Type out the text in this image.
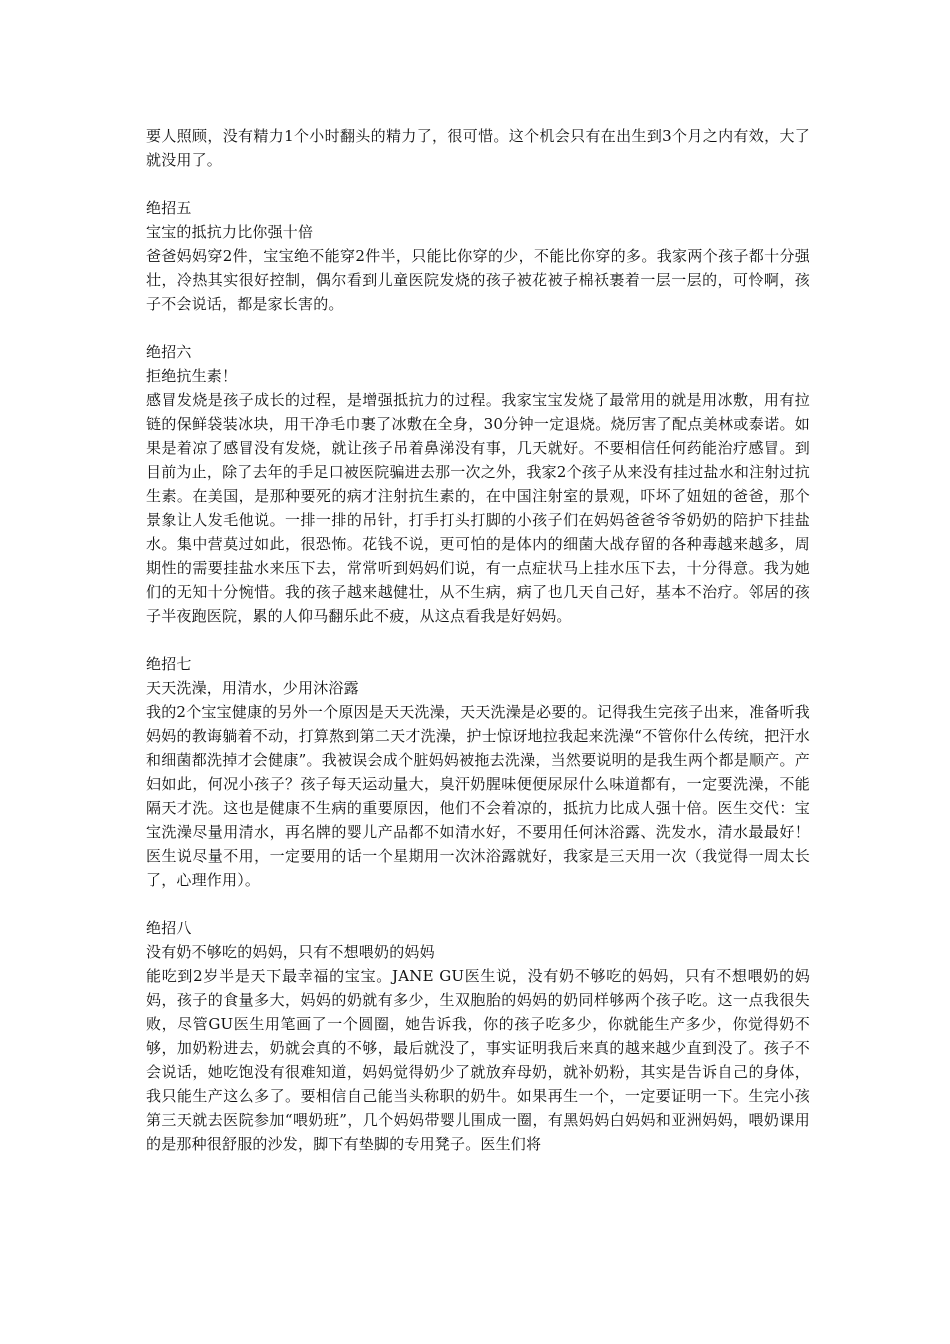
要人照顾，没有精力1个小时翻头的精力了，很可惜。这个机会只有在出生到3个月之内有效，大了就没用了。

绝招五

宝宝的抵抗力比你强十倍

爸爸妈妈穿2件，宝宝绝不能穿2件半，只能比你穿的少，不能比你穿的多。我家两个孩子都十分强壮，冷热其实很好控制，偶尔看到儿童医院发烧的孩子被花被子棉袄裹着一层一层的，可怜啊，孩子不会说话，都是家长害的。

绝招六

拒绝抗生素！

感冒发烧是孩子成长的过程，是增强抵抗力的过程。我家宝宝发烧了最常用的就是用冰敷，用有拉链的保鲜袋装冰块，用干净毛巾裹了冰敷在全身，30分钟一定退烧。烧厉害了配点美林或泰诺。如果是着凉了感冒没有发烧，就让孩子吊着鼻涕没有事，几天就好。不要相信任何药能治疗感冒。到目前为止，除了去年的手足口被医院骗进去那一次之外，我家2个孩子从来没有挂过盐水和注射过抗生素。在美国，是那种要死的病才注射抗生素的，在中国注射室的景观，吓坏了妞妞的爸爸，那个景象让人发毛他说。一排一排的吊针，打手打头打脚的小孩子们在妈妈爸爸爷爷奶奶的陪护下挂盐水。集中营莫过如此，很恐怖。花钱不说，更可怕的是体内的细菌大战存留的各种毒越来越多，周期性的需要挂盐水来压下去，常常听到妈妈们说，有一点症状马上挂水压下去，十分得意。我为她们的无知十分惋惜。我的孩子越来越健壮，从不生病，病了也几天自己好，基本不治疗。邻居的孩子半夜跑医院，累的人仰马翻乐此不疲，从这点看我是好妈妈。

绝招七

天天洗澡，用清水，少用沐浴露

我的2个宝宝健康的另外一个原因是天天洗澡，天天洗澡是必要的。记得我生完孩子出来，准备听我妈妈的教诲躺着不动，打算熬到第二天才洗澡，护士惊讶地拉我起来洗澡“不管你什么传统，把汗水和细菌都洗掉才会健康”。我被误会成个脏妈妈被拖去洗澡，当然要说明的是我生两个都是顺产。产妇如此，何况小孩子？孩子每天运动量大，臭汗奶腥味便便尿尿什么味道都有，一定要洗澡，不能隔天才洗。这也是健康不生病的重要原因，他们不会着凉的，抵抗力比成人强十倍。医生交代：宝宝洗澡尽量用清水，再名牌的婴儿产品都不如清水好，不要用任何沐浴露、洗发水，清水最最好！医生说尽量不用，一定要用的话一个星期用一次沐浴露就好，我家是三天用一次（我觉得一周太长了，心理作用）。

绝招八

没有奶不够吃的妈妈，只有不想喂奶的妈妈

能吃到2岁半是天下最幸福的宝宝。JANE GU医生说，没有奶不够吃的妈妈，只有不想喂奶的妈妈，孩子的食量多大，妈妈的奶就有多少，生双胞胎的妈妈的奶同样够两个孩子吃。这一点我很失败，尽管GU医生用笔画了一个圆圈，她告诉我，你的孩子吃多少，你就能生产多少，你觉得奶不够，加奶粉进去，奶就会真的不够，最后就没了，事实证明我后来真的越来越少直到没了。孩子不会说话，她吃饱没有很难知道，妈妈觉得奶少了就放弃母奶，就补奶粉，其实是告诉自己的身体，我只能生产这么多了。要相信自己能当头称职的奶牛。如果再生一个，一定要证明一下。生完小孩第三天就去医院参加“喂奶班”，几个妈妈带婴儿围成一圈，有黑妈妈白妈妈和亚洲妈妈，喂奶课用的是那种很舒服的沙发，脚下有垫脚的专用凳子。医生们将
